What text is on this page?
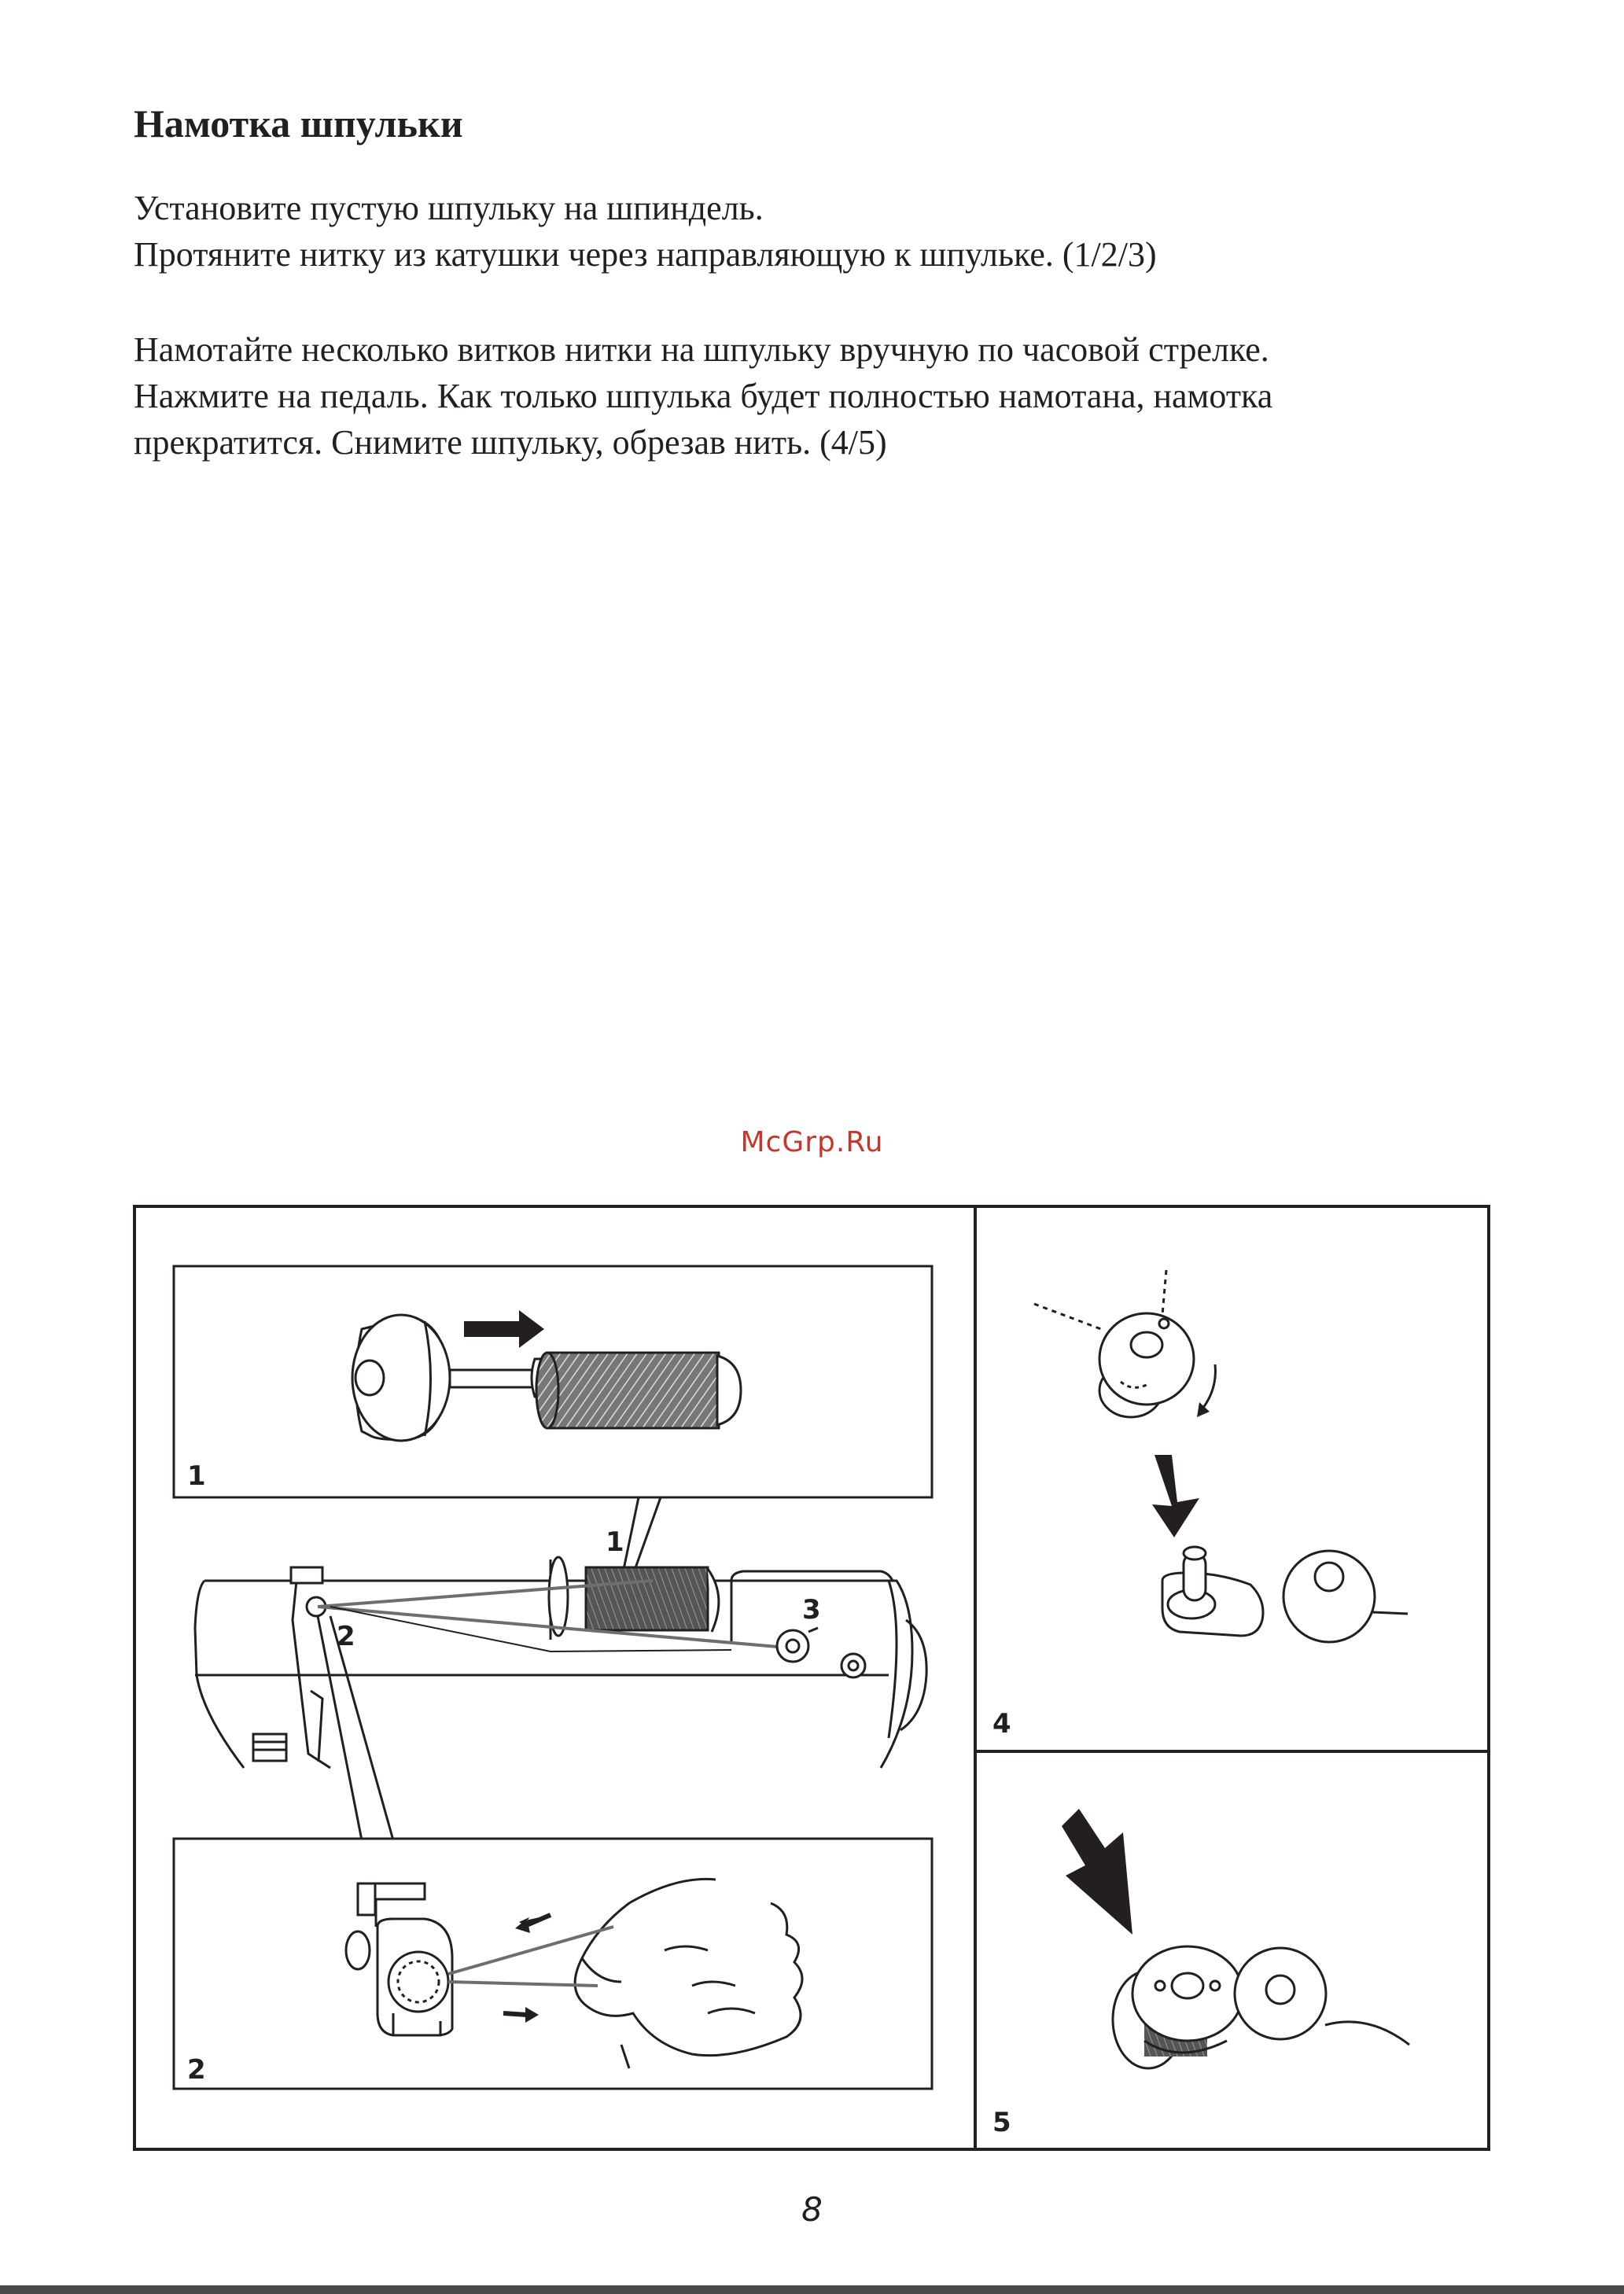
Намотка шпульки
Установите пустую шпульку на шпиндель.
Протяните нитку из катушки через направляющую к шпульке. (1/2/3)
Намотайте несколько витков нитки на шпульку вручную по часовой стрелке.
Нажмите на педаль. Как только шпулька будет полностью намотана, намотка
прекратится. Снимите шпульку, обрезав нить. (4/5)
McGrp.Ru
1
1
2
3
2
4
5
8
